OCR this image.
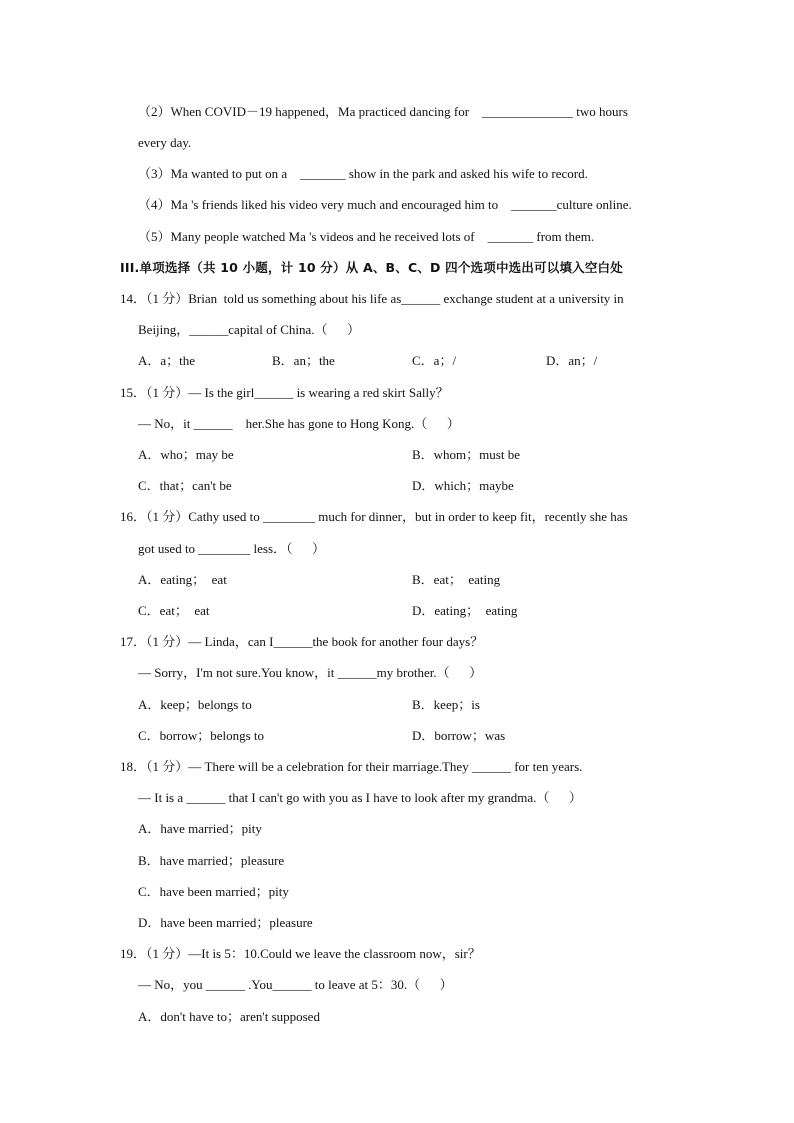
（2）When COVID－19 happened，Ma practiced dancing for    ______________ two hours
every day.
（3）Ma wanted to put on a    _______ show in the park and asked his wife to record.
（4）Ma 's friends liked his video very much and encouraged him to    _______culture online.
（5）Many people watched Ma 's videos and he received lots of    _______ from them.
III.单项选择（共 10 小题，计 10 分）从 A、B、C、D 四个选项中选出可以填入空白处
14．（1 分）Brian  told us something about his life as______ exchange student at a university in
Beijing，______capital of China.（      ）
A．a；the	B．an；the	C．a；/	D．an；/
15．（1 分）— Is the girl______ is wearing a red skirt Sally？
— No，it ______    her.She has gone to Hong Kong.（      ）
A．who；may be	B．whom；must be
C．that；can't be	D．which；maybe
16．（1 分）Cathy used to ________ much for dinner，but in order to keep fit，recently she has
got used to ________ less．（      ）
A．eating；  eat	B．eat；  eating
C．eat；  eat	D．eating；  eating
17．（1 分）— Linda，can I______the book for another four days？
— Sorry，I'm not sure.You know，it ______my brother.（      ）
A．keep；belongs to	B．keep；is
C．borrow；belongs to	D．borrow；was
18．（1 分）— There will be a celebration for their marriage.They ______ for ten years.
— It is a ______ that I can't go with you as I have to look after my grandma.（      ）
A．have married；pity
B．have married；pleasure
C．have been married；pity
D．have been married；pleasure
19．（1 分）—It is 5：10.Could we leave the classroom now，sir？
— No，you ______ .You______ to leave at 5：30.（      ）
A．don't have to；aren't supposed
